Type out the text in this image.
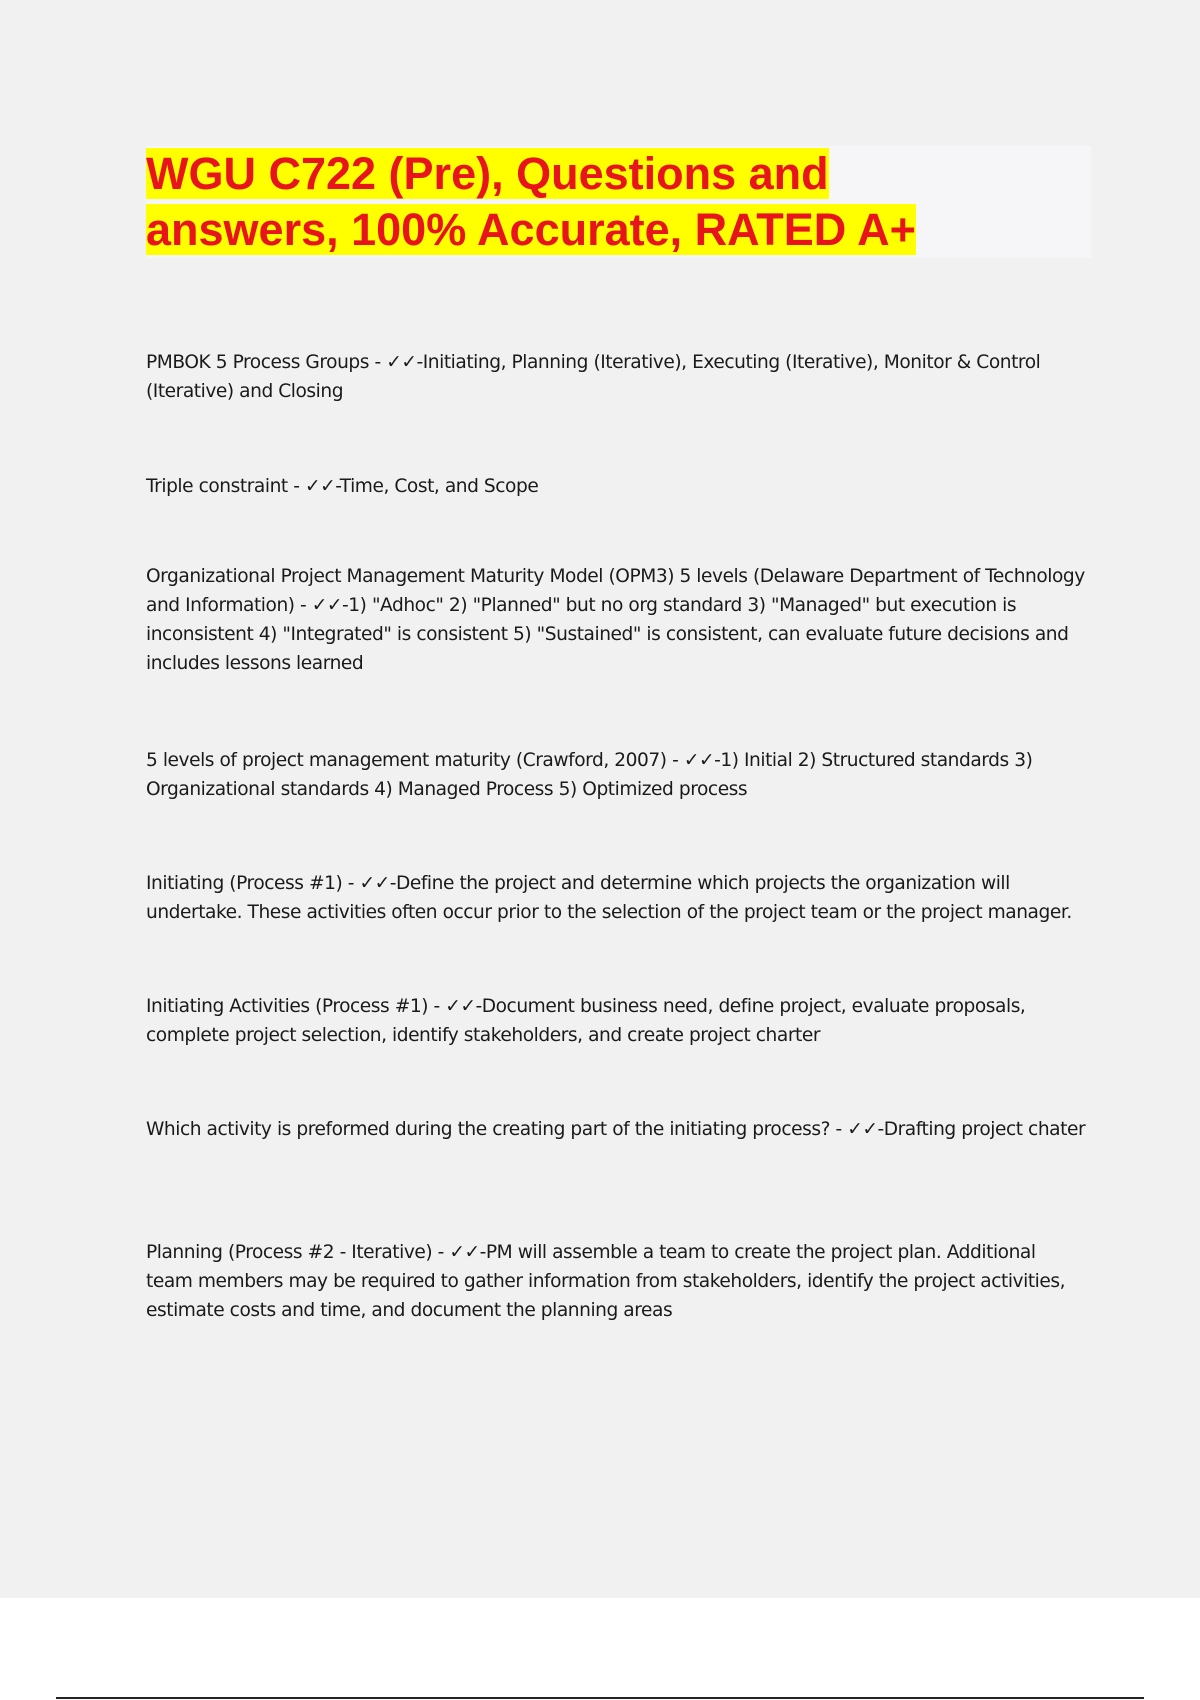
WGU C722 (Pre), Questions and
answers, 100% Accurate, RATED A+

PMBOK 5 Process Groups - ✓✓-Initiating, Planning (Iterative), Executing (Iterative), Monitor & Control (Iterative) and Closing

Triple constraint - ✓✓-Time, Cost, and Scope

Organizational Project Management Maturity Model (OPM3) 5 levels (Delaware Department of Technology and Information) - ✓✓-1) "Adhoc" 2) "Planned" but no org standard 3) "Managed" but execution is inconsistent 4) "Integrated" is consistent 5) "Sustained" is consistent, can evaluate future decisions and includes lessons learned

5 levels of project management maturity (Crawford, 2007) - ✓✓-1) Initial 2) Structured standards 3) Organizational standards 4) Managed Process 5) Optimized process

Initiating (Process #1) - ✓✓-Define the project and determine which projects the organization will undertake. These activities often occur prior to the selection of the project team or the project manager.

Initiating Activities (Process #1) - ✓✓-Document business need, define project, evaluate proposals, complete project selection, identify stakeholders, and create project charter

Which activity is preformed during the creating part of the initiating process? - ✓✓-Drafting project chater

Planning (Process #2 - Iterative) - ✓✓-PM will assemble a team to create the project plan. Additional team members may be required to gather information from stakeholders, identify the project activities, estimate costs and time, and document the planning areas
